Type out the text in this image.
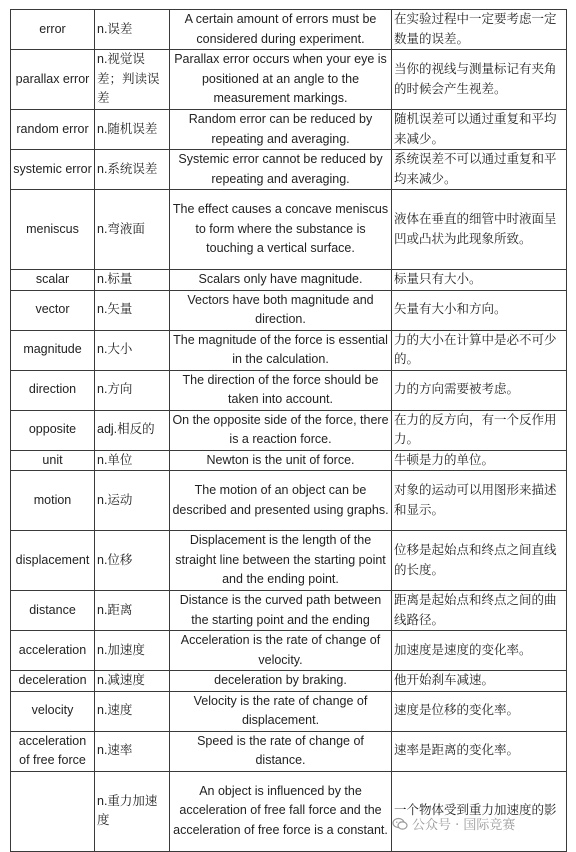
error	n.误差	A certain amount of errors must be considered during experiment.	在实验过程中一定要考虑一定数量的误差。
parallax error	n.视觉误差；判读误差	Parallax error occurs when your eye is positioned at an angle to the measurement markings.	当你的视线与测量标记有夹角的时候会产生视差。
random error	n.随机误差	Random error can be reduced by repeating and averaging.	随机误差可以通过重复和平均来减少。
systemic error	n.系统误差	Systemic error cannot be reduced by repeating and averaging.	系统误差不可以通过重复和平均来减少。
meniscus	n.弯液面	The effect causes a concave meniscus to form where the substance is touching a vertical surface.	液体在垂直的细管中时液面呈凹或凸状为此现象所致。
scalar	n.标量	Scalars only have magnitude.	标量只有大小。
vector	n.矢量	Vectors have both magnitude and direction.	矢量有大小和方向。
magnitude	n.大小	The magnitude of the force is essential in the calculation.	力的大小在计算中是必不可少的。
direction	n.方向	The direction of the force should be taken into account.	力的方向需要被考虑。
opposite	adj.相反的	On the opposite side of the force, there is a reaction force.	在力的反方向，有一个反作用力。
unit	n.单位	Newton is the unit of force.	牛顿是力的单位。
motion	n.运动	The motion of an object can be described and presented using graphs.	对象的运动可以用图形来描述和显示。
displacement	n.位移	Displacement is the length of the straight line between the starting point and the ending point.	位移是起始点和终点之间直线的长度。
distance	n.距离	Distance is the curved path between the starting point and the ending	距离是起始点和终点之间的曲线路径。
acceleration	n.加速度	Acceleration is the rate of change of velocity.	加速度是速度的变化率。
deceleration	n.减速度	deceleration by braking.	他开始刹车减速。
velocity	n.速度	Velocity is the rate of change of displacement.	速度是位移的变化率。
acceleration of free force	n.速率	Speed is the rate of change of distance.	速率是距离的变化率。
	n.重力加速度	An object is influenced by the acceleration of free fall force and the acceleration of free force is a constant.	一个物体受到重力加速度的影
公众号 · 国际竞赛
